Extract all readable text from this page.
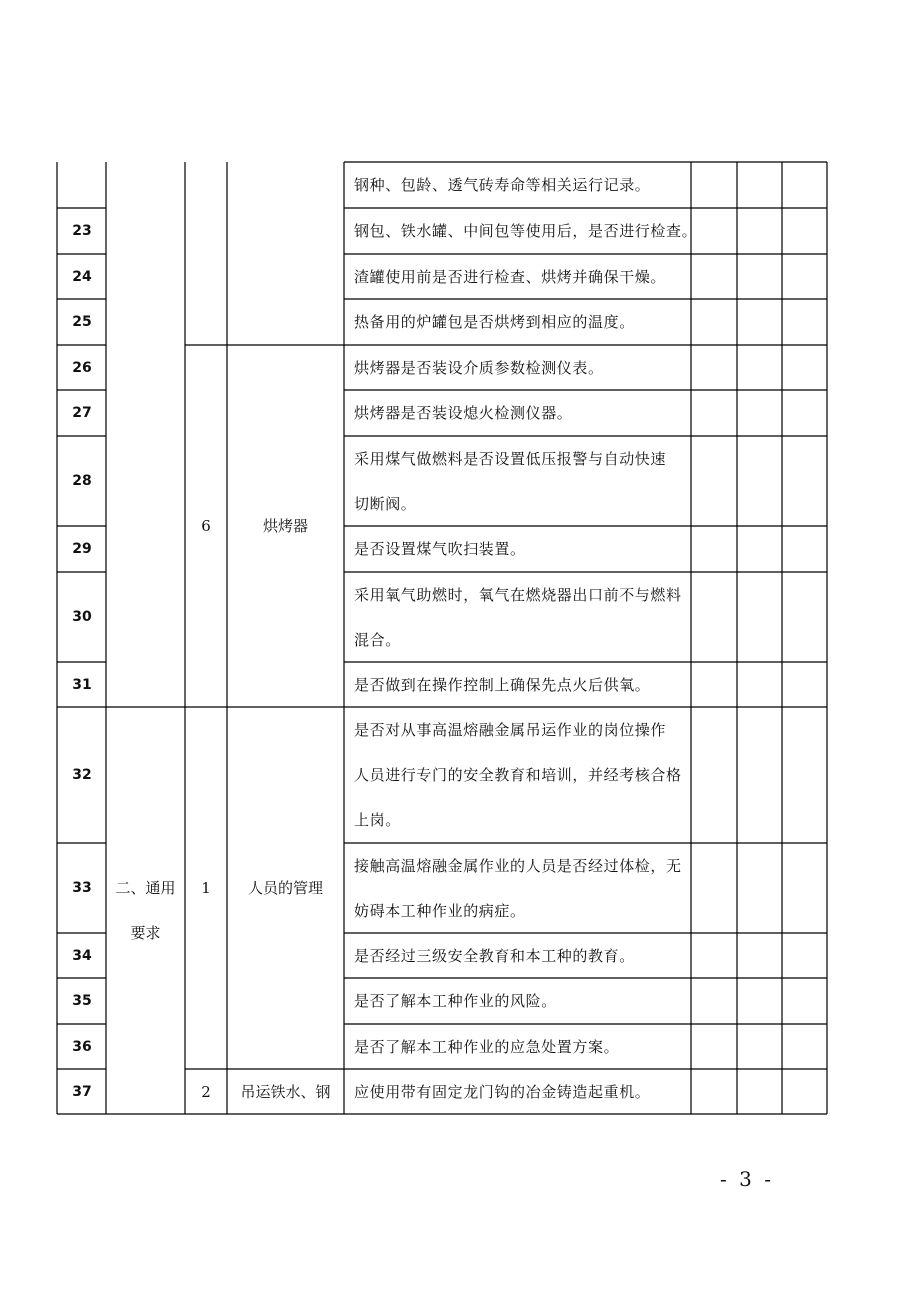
23
24
25
26
27
28
29
30
31
32
33
34
35
36
37
钢种、包龄、透气砖寿命等相关运行记录。
钢包、铁水罐、中间包等使用后，是否进行检查。
渣罐使用前是否进行检查、烘烤并确保干燥。
热备用的炉罐包是否烘烤到相应的温度。
烘烤器是否装设介质参数检测仪表。
烘烤器是否装设熄火检测仪器。
采用煤气做燃料是否设置低压报警与自动快速
切断阀。
是否设置煤气吹扫装置。
采用氧气助燃时，氧气在燃烧器出口前不与燃料
混合。
是否做到在操作控制上确保先点火后供氧。
是否对从事高温熔融金属吊运作业的岗位操作
人员进行专门的安全教育和培训，并经考核合格
上岗。
接触高温熔融金属作业的人员是否经过体检，无
妨碍本工种作业的病症。
是否经过三级安全教育和本工种的教育。
是否了解本工种作业的风险。
是否了解本工种作业的应急处置方案。
应使用带有固定龙门钩的冶金铸造起重机。
二、通用
要求
6
1
2
烘烤器
人员的管理
吊运铁水、钢
- 3 -
